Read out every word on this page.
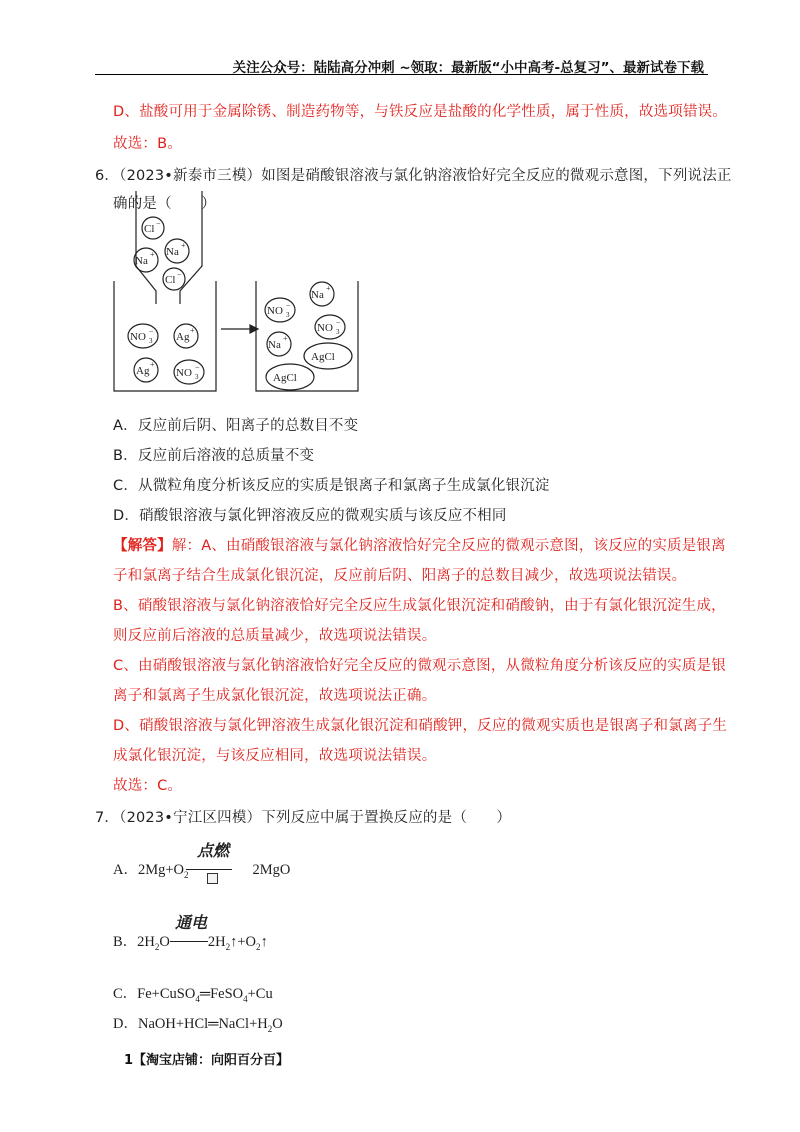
关注公众号：陆陆高分冲刺 ~领取：最新版“小中高考-总复习”、最新试卷下载
D、盐酸可用于金属除锈、制造药物等，与铁反应是盐酸的化学性质，属于性质，故选项错误。
故选：B。
6．（2023•新泰市三模）如图是硝酸银溶液与氯化钠溶液恰好完全反应的微观示意图，下列说法正
确的是（　　）
Cl −
Na
+
Na
+
Cl −
NO 3
− Ag
+
Ag
+
NO 3
−
NO 3
−
Na
+
NO 3
−
Na
+
AgCl
AgCl
A．反应前后阴、阳离子的总数目不变
B．反应前后溶液的总质量不变
C．从微粒角度分析该反应的实质是银离子和氯离子生成氯化银沉淀
D．硝酸银溶液与氯化钾溶液反应的微观实质与该反应不相同
【解答】解：A、由硝酸银溶液与氯化钠溶液恰好完全反应的微观示意图，该反应的实质是银离
子和氯离子结合生成氯化银沉淀，反应前后阴、阳离子的总数目减少，故选项说法错误。
B、硝酸银溶液与氯化钠溶液恰好完全反应生成氯化银沉淀和硝酸钠，由于有氯化银沉淀生成，
则反应前后溶液的总质量减少，故选项说法错误。
C、由硝酸银溶液与氯化钠溶液恰好完全反应的微观示意图，从微粒角度分析该反应的实质是银
离子和氯离子生成氯化银沉淀，故选项说法正确。
D、硝酸银溶液与氯化钾溶液生成氯化银沉淀和硝酸钾，反应的微观实质也是银离子和氯离子生
成氯化银沉淀，与该反应相同，故选项说法错误。
故选：C。
7．（2023•宁江区四模）下列反应中属于置换反应的是（　　）
A．$2Mg+O_2$	2MgO
点燃
B．$2H_2O$	$2H_2↑+O_2↑$
通电
C．Fe+CuSO$_4$═FeSO$_4$+Cu
D．$NaOH+HCl═NaCl+H_2O$
1【淘宝店铺：向阳百分百】
